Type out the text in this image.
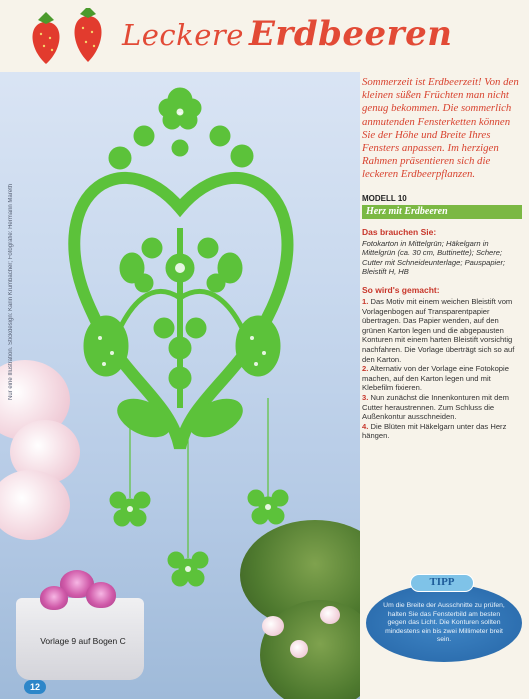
Nur eine Illustration. Stickdesign: Karin Krumbacher; Fotografie: Hermann Mareth
Vorlage 9 auf Bogen C
Leckere Erdbeeren

Sommerzeit ist Erdbeerzeit! Von den kleinen süßen Früchten man nicht genug bekommen. Die sommerlich anmutenden Fensterketten können Sie der Höhe und Breite Ihres Fensters anpassen. Im herzigen Rahmen präsentieren sich die leckeren Erdbeerpflanzen.

MODELL 10
Herz mit Erdbeeren
Das brauchen Sie:

Fotokarton in Mittelgrün; Häkelgarn in Mittelgrün (ca. 30 cm, Buttinette); Schere; Cutter mit Schneideunterlage; Pauspapier; Bleistift H, HB

So wird's gemacht:

1. Das Motiv mit einem weichen Bleistift vom Vorlagenbogen auf Transparentpapier übertragen. Das Papier wenden, auf den grünen Karton legen und die abgepausten Konturen mit einem harten Bleistift vorsichtig nachfahren. Die Vorlage überträgt sich so auf den Karton.

2. Alternativ von der Vorlage eine Fotokopie machen, auf den Karton legen und mit Klebefilm fixieren.

3. Nun zunächst die Innenkonturen mit dem Cutter heraustrennen. Zum Schluss die Außenkontur ausschneiden.

4. Die Blüten mit Häkelgarn unter das Herz hängen.

Um die Breite der Ausschnitte zu prüfen, halten Sie das Fensterbild am besten gegen das Licht. Die Konturen sollten mindestens ein bis zwei Millimeter breit sein.
TIPP
12
